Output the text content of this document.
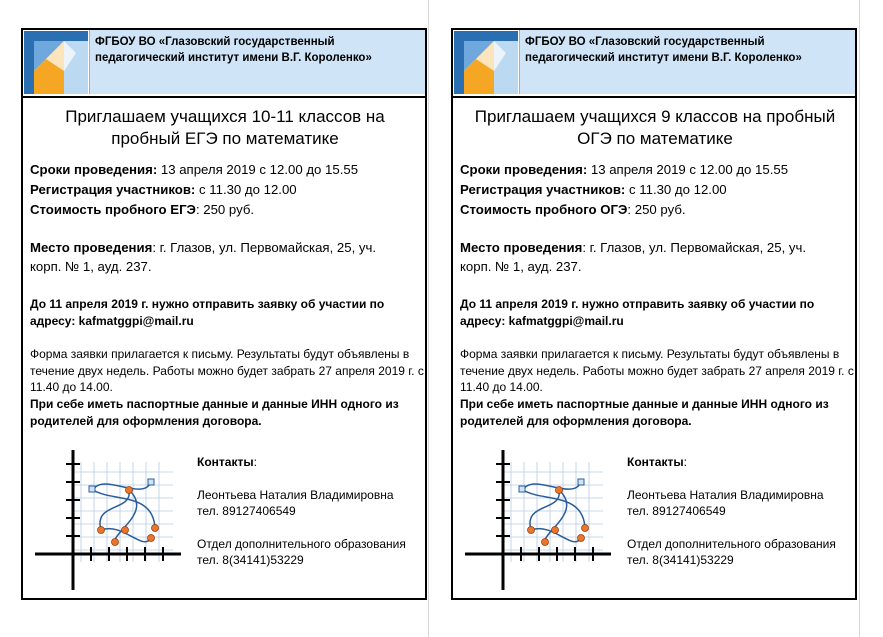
ФГБОУ ВО «Глазовский государственный педагогический институт имени В.Г. Короленко»
Приглашаем учащихся 10-11 классов на пробный ЕГЭ по математике
Сроки проведения: 13 апреля 2019 с 12.00 до 15.55
Регистрация участников: с 11.30 до 12.00
Стоимость пробного ЕГЭ: 250 руб.
Место проведения: г. Глазов, ул. Первомайская, 25, уч. корп. № 1, ауд. 237.
До 11 апреля 2019 г. нужно отправить заявку об участии по адресу: kafmatggpi@mail.ru
Форма заявки прилагается к письму. Результаты будут объявлены в течение двух недель. Работы можно будет забрать 27 апреля 2019 г. с 11.40 до 14.00.
При себе иметь паспортные данные и данные ИНН одного из родителей для оформления договора.
Контакты:
Леонтьева Наталия Владимировна
тел. 89127406549
Отдел дополнительного образования
тел. 8(34141)53229
ФГБОУ ВО «Глазовский государственный педагогический институт имени В.Г. Короленко»
Приглашаем учащихся 9 классов на пробный ОГЭ по математике
Сроки проведения: 13 апреля 2019 с 12.00 до 15.55
Регистрация участников: с 11.30 до 12.00
Стоимость пробного ОГЭ: 250 руб.
Место проведения: г. Глазов, ул. Первомайская, 25, уч. корп. № 1, ауд. 237.
До 11 апреля 2019 г. нужно отправить заявку об участии по адресу: kafmatggpi@mail.ru
Форма заявки прилагается к письму. Результаты будут объявлены в течение двух недель. Работы можно будет забрать 27 апреля 2019 г. с 11.40 до 14.00.
При себе иметь паспортные данные и данные ИНН одного из родителей для оформления договора.
Контакты:
Леонтьева Наталия Владимировна
тел. 89127406549
Отдел дополнительного образования
тел. 8(34141)53229
